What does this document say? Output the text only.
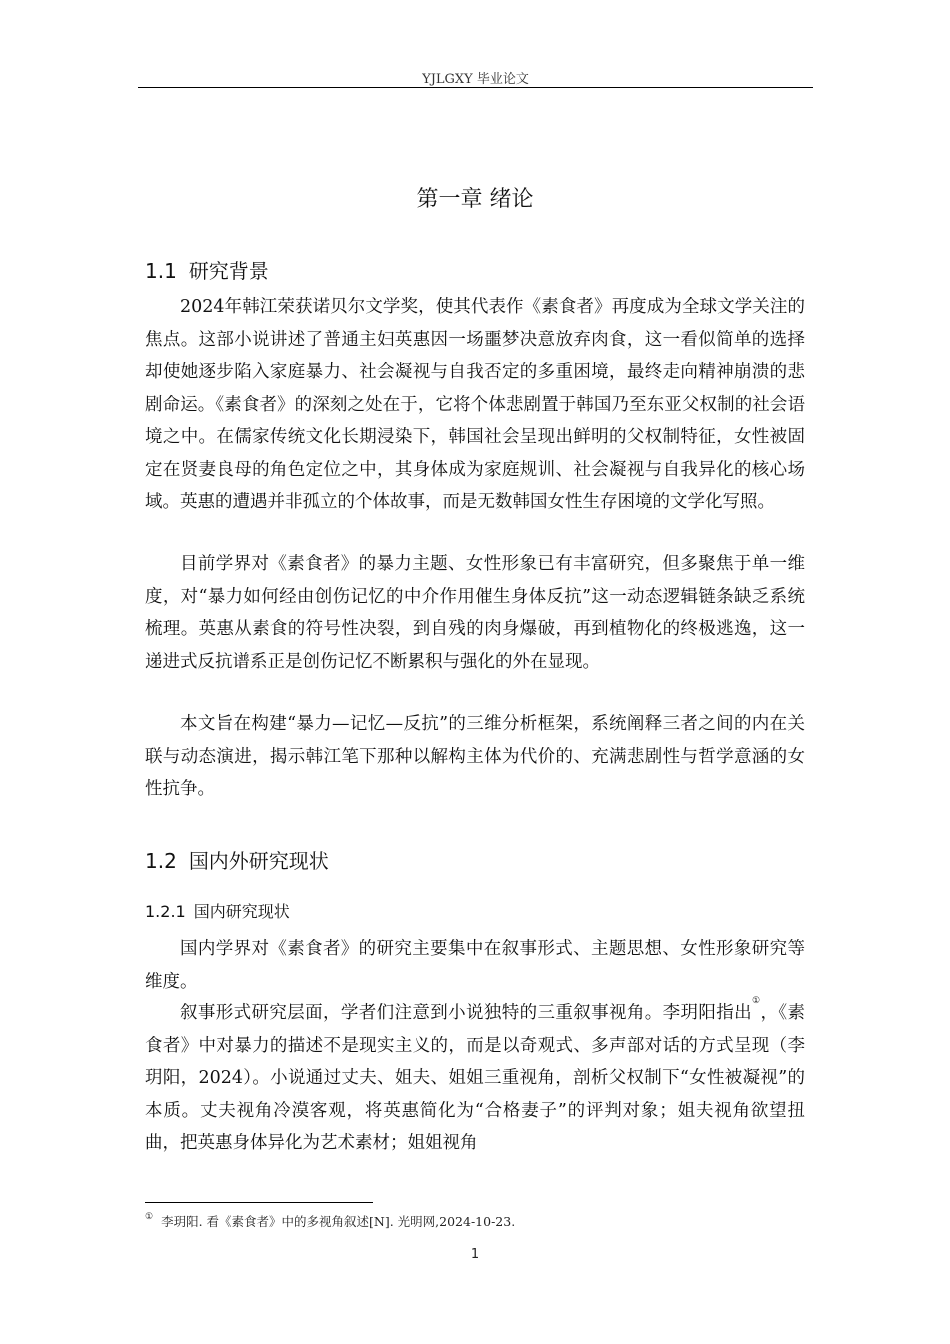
YJLGXY 毕业论文
第一章 绪论
1.1 研究背景

2024年韩江荣获诺贝尔文学奖，使其代表作《素食者》再度成为全球文学关注的焦点。这部小说讲述了普通主妇英惠因一场噩梦决意放弃肉食，这一看似简单的选择却使她逐步陷入家庭暴力、社会凝视与自我否定的多重困境，最终走向精神崩溃的悲剧命运。《素食者》的深刻之处在于，它将个体悲剧置于韩国乃至东亚父权制的社会语境之中。在儒家传统文化长期浸染下，韩国社会呈现出鲜明的父权制特征，女性被固定在贤妻良母的角色定位之中，其身体成为家庭规训、社会凝视与自我异化的核心场域。英惠的遭遇并非孤立的个体故事，而是无数韩国女性生存困境的文学化写照。

目前学界对《素食者》的暴力主题、女性形象已有丰富研究，但多聚焦于单一维度，对“暴力如何经由创伤记忆的中介作用催生身体反抗”这一动态逻辑链条缺乏系统梳理。英惠从素食的符号性决裂，到自残的肉身爆破，再到植物化的终极逃逸，这一递进式反抗谱系正是创伤记忆不断累积与强化的外在显现。

本文旨在构建“暴力—记忆—反抗”的三维分析框架，系统阐释三者之间的内在关联与动态演进，揭示韩江笔下那种以解构主体为代价的、充满悲剧性与哲学意涵的女性抗争。

1.2 国内外研究现状
1.2.1 国内研究现状

国内学界对《素食者》的研究主要集中在叙事形式、主题思想、女性形象研究等维度。

叙事形式研究层面，学者们注意到小说独特的三重叙事视角。李玥阳指出①，《素食者》中对暴力的描述不是现实主义的，而是以奇观式、多声部对话的方式呈现（李玥阳，2024）。小说通过丈夫、姐夫、姐姐三重视角，剖析父权制下“女性被凝视”的本质。丈夫视角冷漠客观，将英惠简化为“合格妻子”的评判对象；姐夫视角欲望扭曲，把英惠身体异化为艺术素材；姐姐视角

① 李玥阳. 看《素食者》中的多视角叙述[N]. 光明网,2024-10-23.
1
